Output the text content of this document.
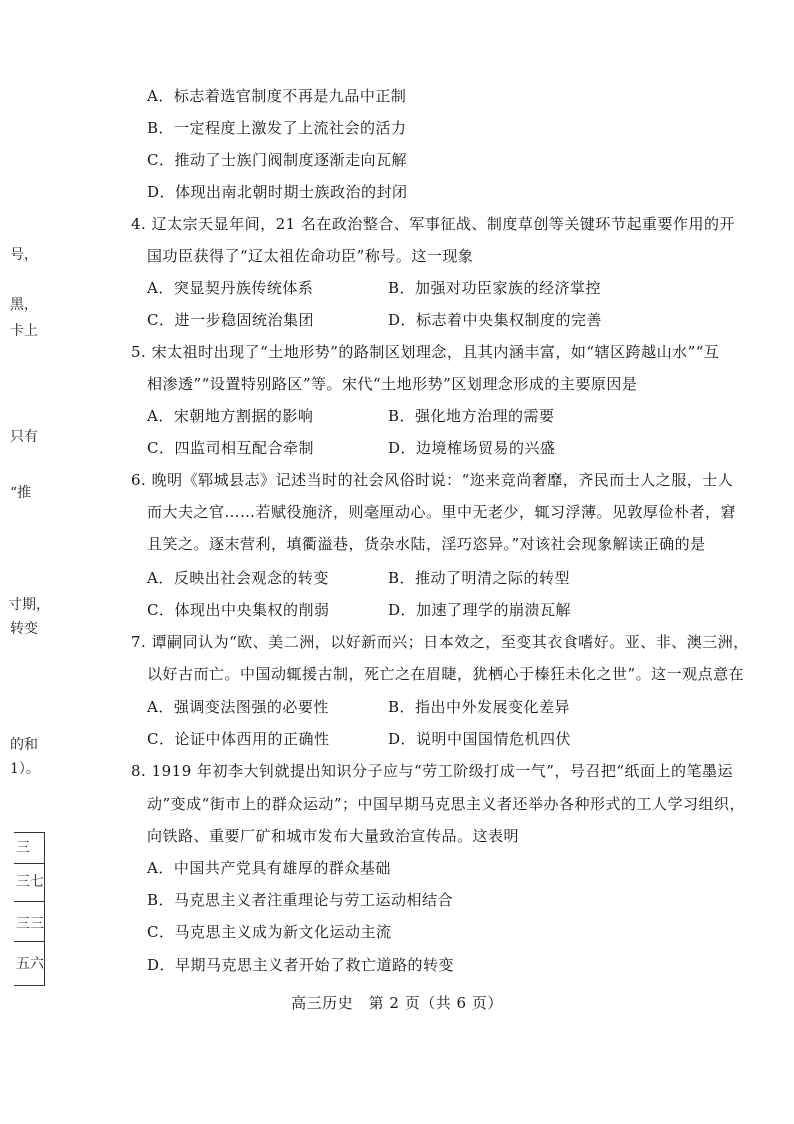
A．标志着选官制度不再是九品中正制
B．一定程度上激发了上流社会的活力
C．推动了士族门阀制度逐渐走向瓦解
D．体现出南北朝时期士族政治的封闭
4. 辽太宗天显年间，21 名在政治整合、军事征战、制度草创等关键环节起重要作用的开
国功臣获得了“辽太祖佐命功臣”称号。这一现象
A．突显契丹族传统体系	B．加强对功臣家族的经济掌控
C．进一步稳固统治集团	D．标志着中央集权制度的完善
5. 宋太祖时出现了“土地形势”的路制区划理念，且其内涵丰富，如“辖区跨越山水”“互
相渗透”“设置特别路区”等。宋代“土地形势”区划理念形成的主要原因是
A．宋朝地方割据的影响	B．强化地方治理的需要
C．四监司相互配合牵制	D．边境榷场贸易的兴盛
6. 晚明《郓城县志》记述当时的社会风俗时说：“迩来竞尚奢靡，齐民而士人之服，士人
而大夫之官……若赋役施济，则毫厘动心。里中无老少，辄习浮薄。见敦厚俭朴者，窘
且笑之。逐末营利，填衢溢巷，货杂水陆，淫巧恣异。”对该社会现象解读正确的是
A．反映出社会观念的转变	B．推动了明清之际的转型
C．体现出中央集权的削弱	D．加速了理学的崩溃瓦解
7. 谭嗣同认为“欧、美二洲，以好新而兴；日本效之，至变其衣食嗜好。亚、非、澳三洲，
以好古而亡。中国动辄援古制，死亡之在眉睫，犹栖心于榛狂未化之世”。这一观点意在
A．强调变法图强的必要性	B．指出中外发展变化差异
C．论证中体西用的正确性	D．说明中国国情危机四伏
8. 1919 年初李大钊就提出知识分子应与“劳工阶级打成一气”，号召把“纸面上的笔墨运
动”变成“街市上的群众运动”；中国早期马克思主义者还举办各种形式的工人学习组织，
向铁路、重要厂矿和城市发布大量致治宣传品。这表明
A．中国共产党具有雄厚的群众基础
B．马克思主义者注重理论与劳工运动相结合
C．马克思主义成为新文化运动主流
D．早期马克思主义者开始了救亡道路的转变
号，
黑，
卡上
只有
“推
寸期，
转变
的和
1）。
三
三七
三三
五六
高三历史　第 2 页（共 6 页）
